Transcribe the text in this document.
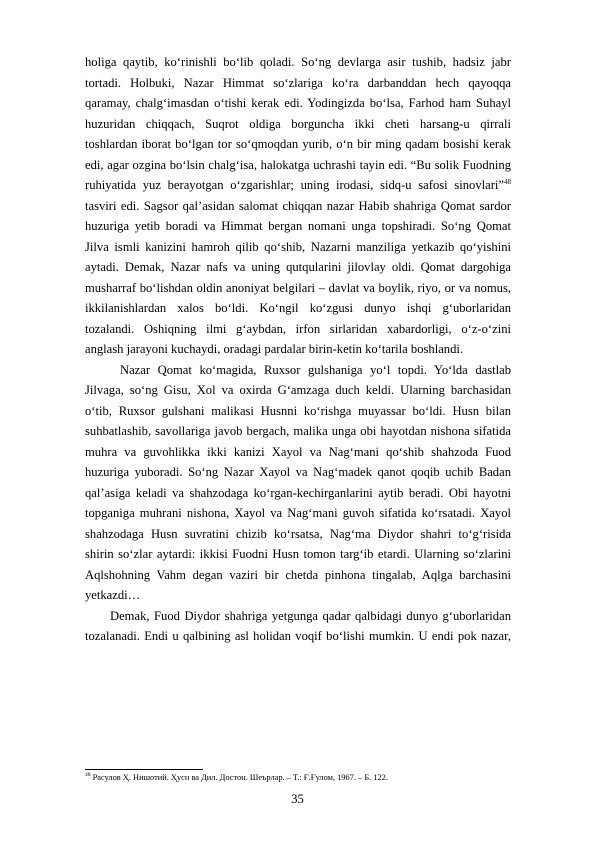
holiga qaytib, ko‘rinishli bo‘lib qoladi. So‘ng devlarga asir tushib, hadsiz jabr
tortadi. Holbuki, Nazar Himmat so‘zlariga ko‘ra darbanddan hech qayoqqa
qaramay, chalg‘imasdan o‘tishi kerak edi. Yodingizda bo‘lsa, Farhod ham Suhayl
huzuridan chiqqach, Suqrot oldiga borguncha ikki cheti harsang-u qirrali
toshlardan iborat bo‘lgan tor so‘qmoqdan yurib, o‘n bir ming qadam bosishi kerak
edi, agar ozgina bo‘lsin chalg‘isa, halokatga uchrashi tayin edi. “Bu solik Fuodning
ruhiyatida yuz berayotgan o‘zgarishlar; uning irodasi, sidq-u safosi sinovlari”$^{48}$
tasviri edi. Sagsor qal’asidan salomat chiqqan nazar Habib shahriga Qomat sardor
huzuriga yetib boradi va Himmat bergan nomani unga topshiradi. So‘ng Qomat
Jilva ismli kanizini hamroh qilib qo‘shib, Nazarni manziliga yetkazib qo‘yishini
aytadi. Demak, Nazar nafs va uning qutqularini jilovlay oldi. Qomat dargohiga
musharraf bo‘lishdan oldin anoniyat belgilari – davlat va boylik, riyo, or va nomus,
ikkilanishlardan xalos bo‘ldi. Ko‘ngil ko‘zgusi dunyo ishqi g‘uborlaridan
tozalandi. Oshiqning ilmi g‘aybdan, irfon sirlaridan xabardorligi, o‘z-o‘zini
anglash jarayoni kuchaydi, oradagi pardalar birin-ketin ko‘tarila boshlandi.
Nazar Qomat ko‘magida, Ruxsor gulshaniga yo‘l topdi. Yo‘lda dastlab
Jilvaga, so‘ng Gisu, Xol va oxirda G‘amzaga duch keldi. Ularning barchasidan
o‘tib, Ruxsor gulshani malikasi Husnni ko‘rishga muyassar bo‘ldi. Husn bilan
suhbatlashib, savollariga javob bergach, malika unga obi hayotdan nishona sifatida
muhra va guvohlikka ikki kanizi Xayol va Nag‘mani qo‘shib shahzoda Fuod
huzuriga yuboradi. So‘ng Nazar Xayol va Nag‘madek qanot qoqib uchib Badan
qal’asiga keladi va shahzodaga ko‘rgan-kechirganlarini aytib beradi. Obi hayotni
topganiga muhrani nishona, Xayol va Nag‘mani guvoh sifatida ko‘rsatadi. Xayol
shahzodaga Husn suvratini chizib ko‘rsatsa, Nag‘ma Diydor shahri to‘g‘risida
shirin so‘zlar aytardi: ikkisi Fuodni Husn tomon targ‘ib etardi. Ularning so‘zlarini
Aqlshohning Vahm degan vaziri bir chetda pinhona tingalab, Aqlga barchasini
yetkazdi…
Demak, Fuod Diydor shahriga yetgunga qadar qalbidagi dunyo g‘uborlaridan
tozalanadi. Endi u qalbining asl holidan voqif bo‘lishi mumkin. U endi pok nazar,
$^{48}$ Расулов Ҳ. Нишотий. Ҳусн ва Дил. Достон. Шеърлар. – Т.: Ғ.Ғулом, 1967. – Б. 122.
35
